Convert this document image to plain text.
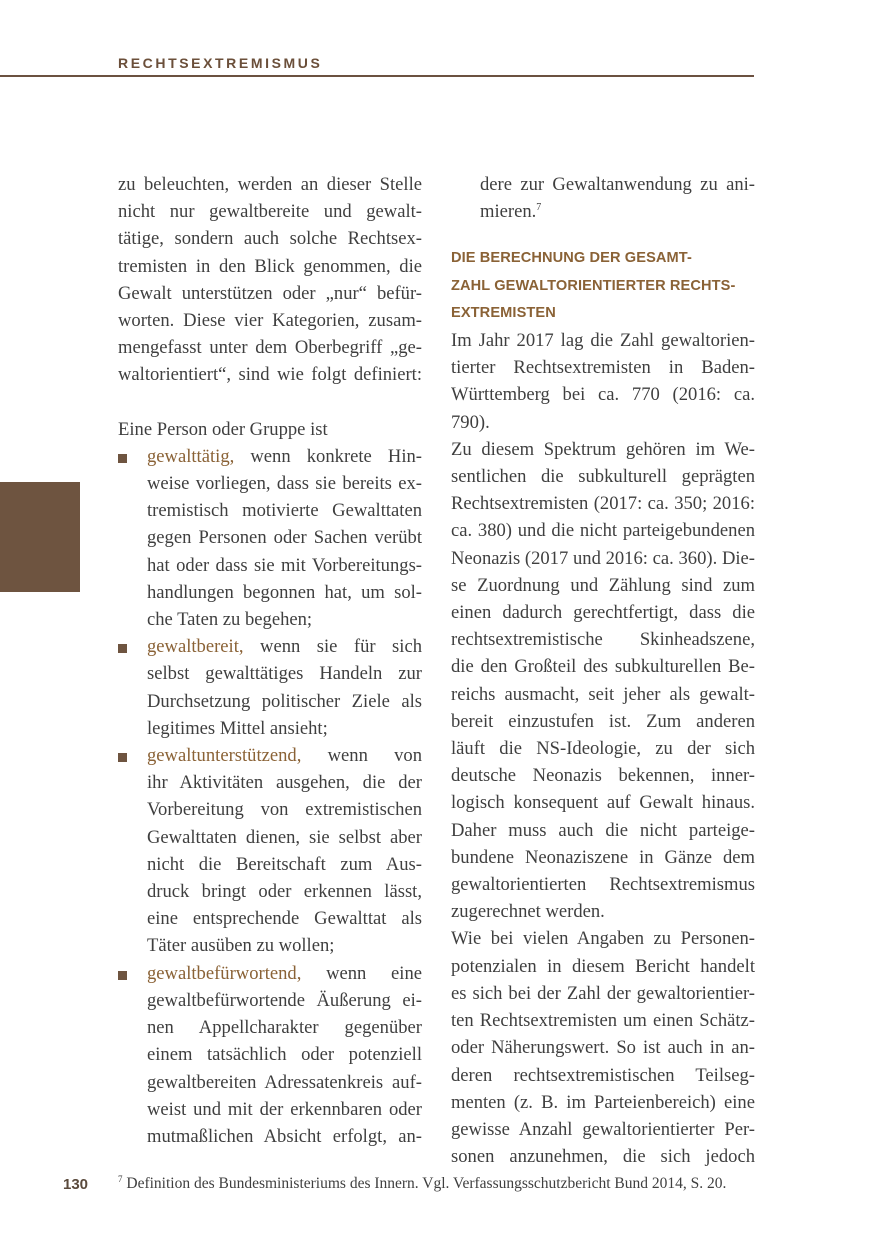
RECHTSEXTREMISMUS
zu beleuchten, werden an dieser Stelle
nicht nur gewaltbereite und gewalt-
tätige, sondern auch solche Rechtsex-
tremisten in den Blick genommen, die
Gewalt unterstützen oder „nur“ befür-
worten. Diese vier Kategorien, zusam-
mengefasst unter dem Oberbegriff „ge-
waltorientiert“, sind wie folgt definiert:
Eine Person oder Gruppe ist
gewalttätig, wenn konkrete Hin-
weise vorliegen, dass sie bereits ex-
tremistisch motivierte Gewalttaten
gegen Personen oder Sachen verübt
hat oder dass sie mit Vorbereitungs-
handlungen begonnen hat, um sol-
che Taten zu begehen;
gewaltbereit, wenn sie für sich
selbst gewalttätiges Handeln zur
Durchsetzung politischer Ziele als
legitimes Mittel ansieht;
gewaltunterstützend, wenn von
ihr Aktivitäten ausgehen, die der
Vorbereitung von extremistischen
Gewalttaten dienen, sie selbst aber
nicht die Bereitschaft zum Aus-
druck bringt oder erkennen lässt,
eine entsprechende Gewalttat als
Täter ausüben zu wollen;
gewaltbefürwortend, wenn eine
gewaltbefürwortende Äußerung ei-
nen Appellcharakter gegenüber
einem tatsächlich oder potenziell
gewaltbereiten Adressatenkreis auf-
weist und mit der erkennbaren oder
mutmaßlichen Absicht erfolgt, an-
dere zur Gewaltanwendung zu ani-
mieren.$^7$
DIE BERECHNUNG DER GESAMT-
ZAHL GEWALTORIENTIERTER RECHTS-
EXTREMISTEN
Im Jahr 2017 lag die Zahl gewaltorien-
tierter Rechtsextremisten in Baden-
Württemberg bei ca. 770 (2016: ca. 790).
Zu diesem Spektrum gehören im We-
sentlichen die subkulturell geprägten
Rechtsextremisten (2017: ca. 350; 2016:
ca. 380) und die nicht parteigebundenen
Neonazis (2017 und 2016: ca. 360). Die-
se Zuordnung und Zählung sind zum
einen dadurch gerechtfertigt, dass die
rechtsextremistische Skinheadszene,
die den Großteil des subkulturellen Be-
reichs ausmacht, seit jeher als gewalt-
bereit einzustufen ist. Zum anderen
läuft die NS-Ideologie, zu der sich
deutsche Neonazis bekennen, inner-
logisch konsequent auf Gewalt hinaus.
Daher muss auch die nicht parteige-
bundene Neonaziszene in Gänze dem
gewaltorientierten Rechtsextremismus
zugerechnet werden.
Wie bei vielen Angaben zu Personen-
potenzialen in diesem Bericht handelt
es sich bei der Zahl der gewaltorientier-
ten Rechtsextremisten um einen Schätz-
oder Näherungswert. So ist auch in an-
deren rechtsextremistischen Teilseg-
menten (z. B. im Parteienbereich) eine
gewisse Anzahl gewaltorientierter Per-
sonen anzunehmen, die sich jedoch
130	$^7$ Definition des Bundesministeriums des Innern. Vgl. Verfassungsschutzbericht Bund 2014, S. 20.
